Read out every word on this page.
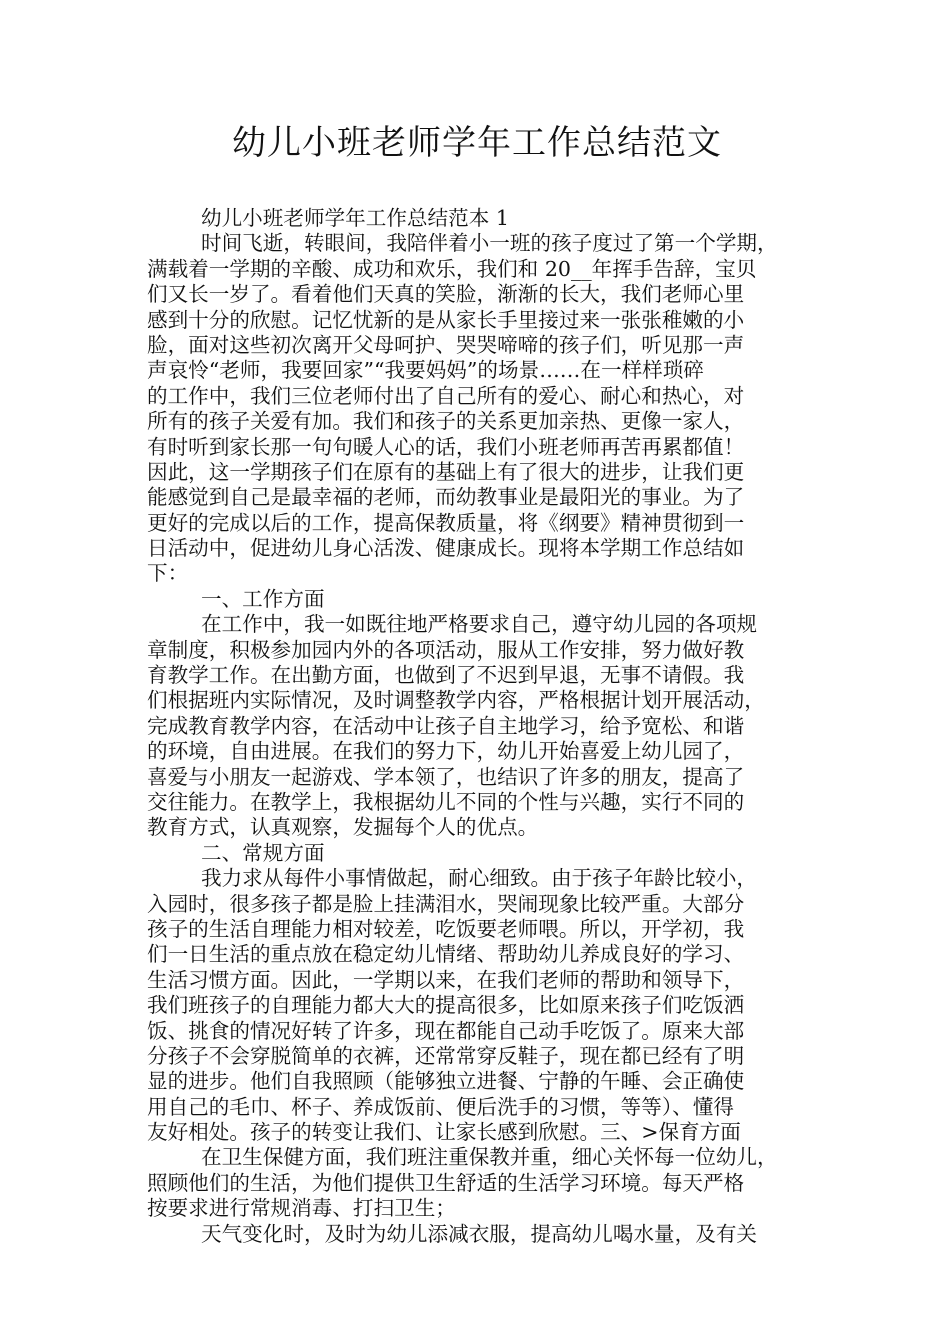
幼儿小班老师学年工作总结范文
幼儿小班老师学年工作总结范本 1
时间飞逝，转眼间，我陪伴着小一班的孩子度过了第一个学期，
满载着一学期的辛酸、成功和欢乐，我们和 20__年挥手告辞，宝贝
们又长一岁了。看着他们天真的笑脸，渐渐的长大，我们老师心里
感到十分的欣慰。记忆忧新的是从家长手里接过来一张张稚嫩的小
脸，面对这些初次离开父母呵护、哭哭啼啼的孩子们，听见那一声
声哀怜“老师，我要回家”“我要妈妈”的场景……在一样样琐碎
的工作中，我们三位老师付出了自己所有的爱心、耐心和热心，对
所有的孩子关爱有加。我们和孩子的关系更加亲热、更像一家人，
有时听到家长那一句句暖人心的话，我们小班老师再苦再累都值！
因此，这一学期孩子们在原有的基础上有了很大的进步，让我们更
能感觉到自己是最幸福的老师，而幼教事业是最阳光的事业。为了
更好的完成以后的工作，提高保教质量，将《纲要》精神贯彻到一
日活动中，促进幼儿身心活泼、健康成长。现将本学期工作总结如
下：
一、工作方面
在工作中，我一如既往地严格要求自己，遵守幼儿园的各项规
章制度，积极参加园内外的各项活动，服从工作安排，努力做好教
育教学工作。在出勤方面，也做到了不迟到早退，无事不请假。我
们根据班内实际情况，及时调整教学内容，严格根据计划开展活动，
完成教育教学内容，在活动中让孩子自主地学习，给予宽松、和谐
的环境，自由进展。在我们的努力下，幼儿开始喜爱上幼儿园了，
喜爱与小朋友一起游戏、学本领了，也结识了许多的朋友，提高了
交往能力。在教学上，我根据幼儿不同的个性与兴趣，实行不同的
教育方式，认真观察，发掘每个人的优点。
二、常规方面
我力求从每件小事情做起，耐心细致。由于孩子年龄比较小，
入园时，很多孩子都是脸上挂满泪水，哭闹现象比较严重。大部分
孩子的生活自理能力相对较差，吃饭要老师喂。所以，开学初，我
们一日生活的重点放在稳定幼儿情绪、帮助幼儿养成良好的学习、
生活习惯方面。因此，一学期以来，在我们老师的帮助和领导下，
我们班孩子的自理能力都大大的提高很多，比如原来孩子们吃饭洒
饭、挑食的情况好转了许多，现在都能自己动手吃饭了。原来大部
分孩子不会穿脱简单的衣裤，还常常穿反鞋子，现在都已经有了明
显的进步。他们自我照顾（能够独立进餐、宁静的午睡、会正确使
用自己的毛巾、杯子、养成饭前、便后洗手的习惯，等等）、懂得
友好相处。孩子的转变让我们、让家长感到欣慰。三、>保育方面
在卫生保健方面，我们班注重保教并重，细心关怀每一位幼儿，
照顾他们的生活，为他们提供卫生舒适的生活学习环境。每天严格
按要求进行常规消毒、打扫卫生；
天气变化时，及时为幼儿添减衣服，提高幼儿喝水量，及有关
